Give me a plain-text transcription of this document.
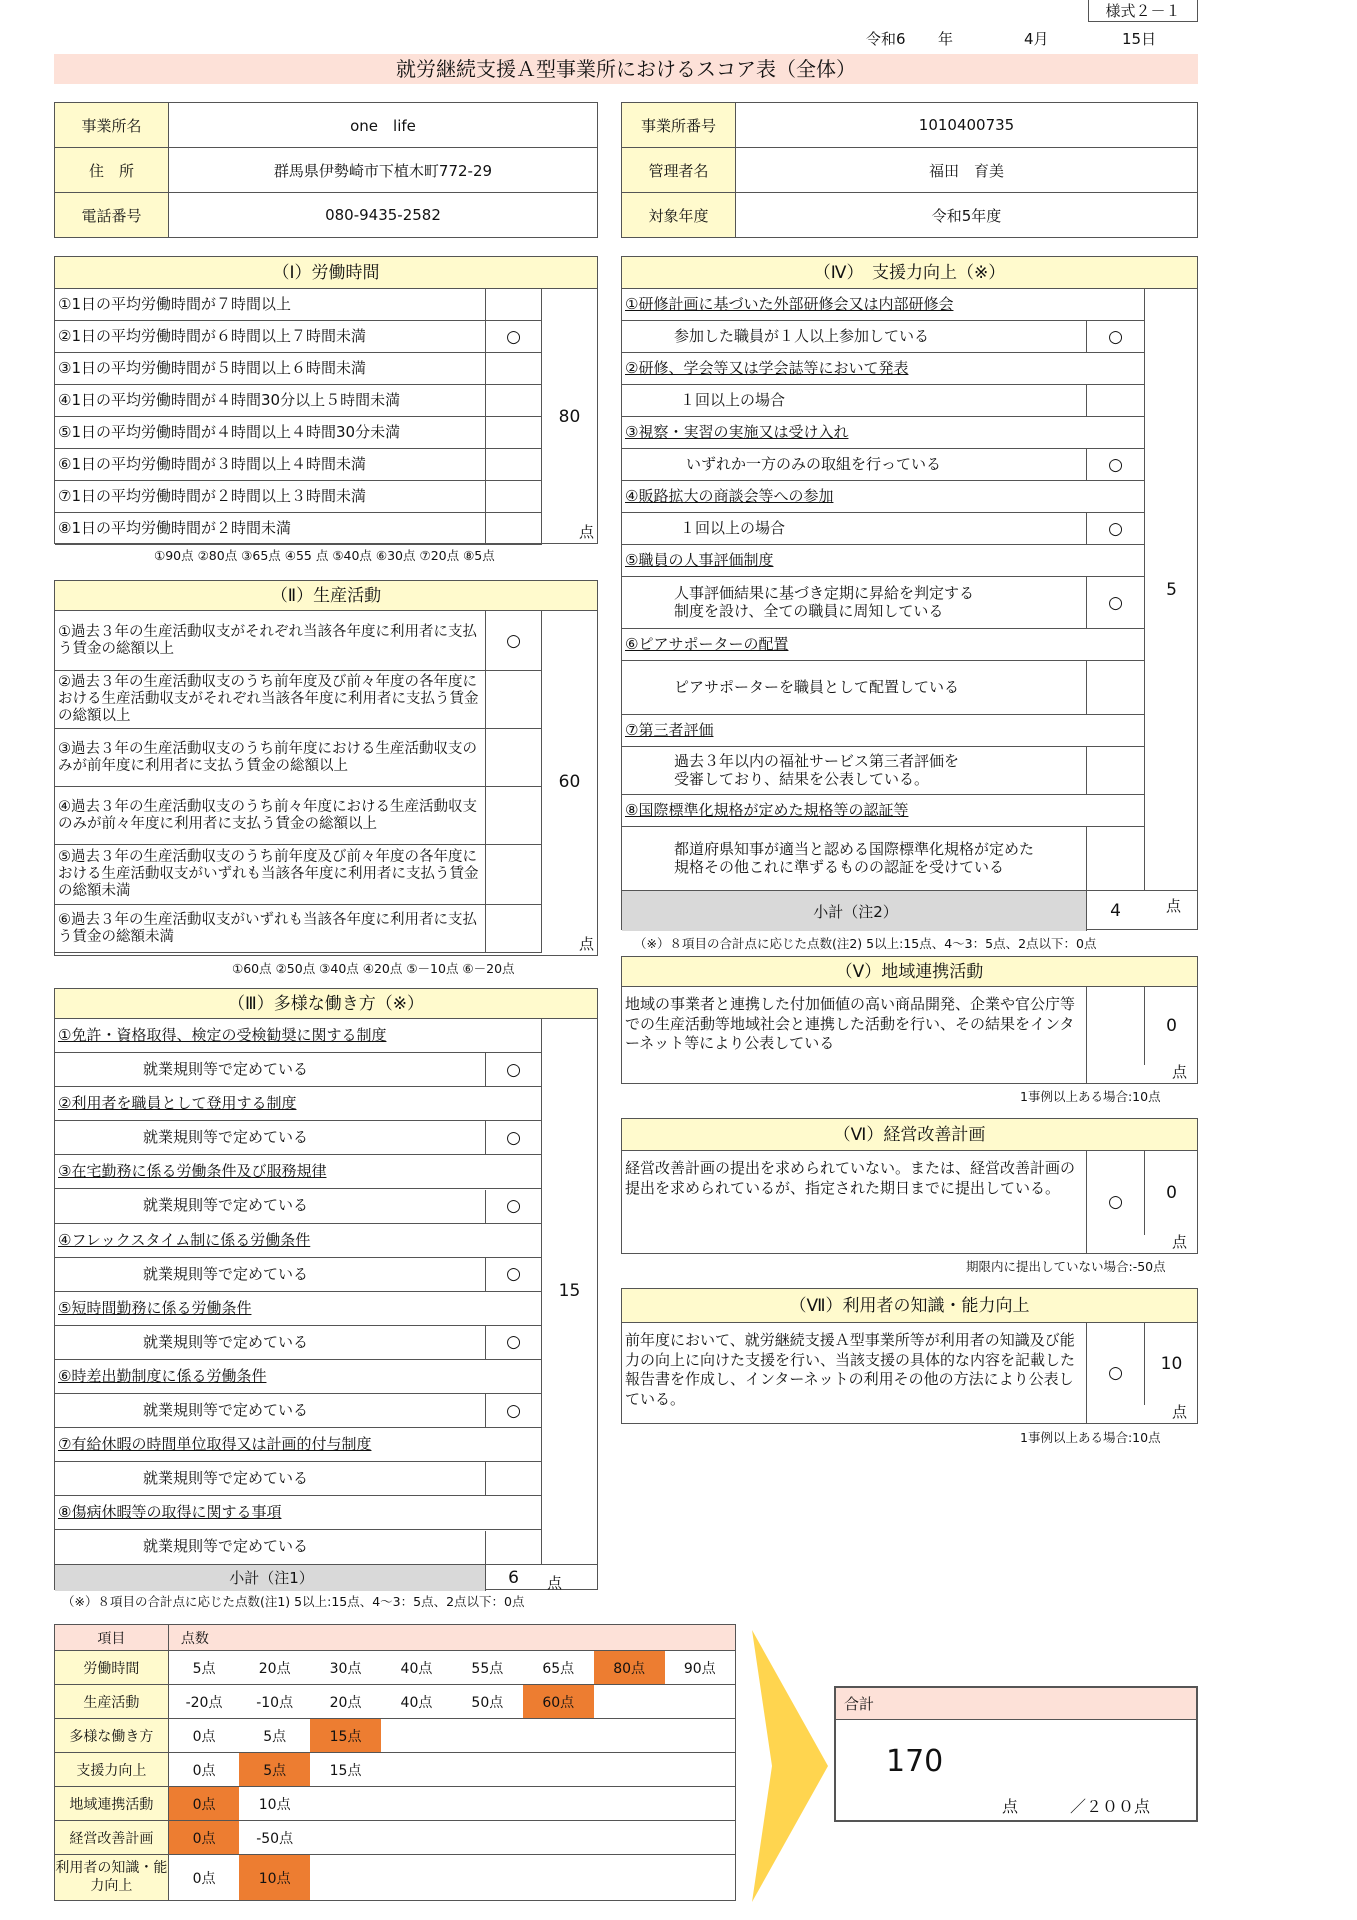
様式２－１
令和6 年	4月	15日
就労継続支援Ａ型事業所におけるスコア表（全体）
事業所名	one　life
住　所	群馬県伊勢崎市下植木町772-29
電話番号	080-9435-2582
事業所番号	1010400735
管理者名	福田　育美
対象年度	令和5年度
（Ⅰ）労働時間
①1日の平均労働時間が７時間以上
②1日の平均労働時間が６時間以上７時間未満	○
③1日の平均労働時間が５時間以上６時間未満
④1日の平均労働時間が４時間30分以上５時間未満
⑤1日の平均労働時間が４時間以上４時間30分未満
⑥1日の平均労働時間が３時間以上４時間未満
⑦1日の平均労働時間が２時間以上３時間未満
⑧1日の平均労働時間が２時間未満
80
点
①90点 ②80点 ③65点 ④55 点 ⑤40点 ⑥30点 ⑦20点 ⑧5点
（Ⅱ）生産活動
①過去３年の生産活動収支がそれぞれ当該各年度に利用者に支払う賃金の総額以上	○
②過去３年の生産活動収支のうち前年度及び前々年度の各年度における生産活動収支がそれぞれ当該各年度に利用者に支払う賃金の総額以上
③過去３年の生産活動収支のうち前年度における生産活動収支のみが前年度に利用者に支払う賃金の総額以上
④過去３年の生産活動収支のうち前々年度における生産活動収支のみが前々年度に利用者に支払う賃金の総額以上
⑤過去３年の生産活動収支のうち前年度及び前々年度の各年度における生産活動収支がいずれも当該各年度に利用者に支払う賃金の総額未満
⑥過去３年の生産活動収支がいずれも当該各年度に利用者に支払う賃金の総額未満
60
点
①60点 ②50点 ③40点 ④20点 ⑤－10点 ⑥－20点
（Ⅲ）多様な働き方（※）
①免許・資格取得、検定の受検勧奨に関する制度
就業規則等で定めている	○
②利用者を職員として登用する制度
就業規則等で定めている	○
③在宅勤務に係る労働条件及び服務規律
就業規則等で定めている	○
④フレックスタイム制に係る労働条件
就業規則等で定めている	○
⑤短時間勤務に係る労働条件
就業規則等で定めている	○
⑥時差出勤制度に係る労働条件
就業規則等で定めている	○
⑦有給休暇の時間単位取得又は計画的付与制度
就業規則等で定めている
⑧傷病休暇等の取得に関する事項
就業規則等で定めている
15
小計（注1）	6	点
（※）８項目の合計点に応じた点数(注1) 5以上:15点、4～3：5点、2点以下：0点
（Ⅳ）　支援力向上（※）
①研修計画に基づいた外部研修会又は内部研修会
参加した職員が１人以上参加している	○
②研修、学会等又は学会誌等において発表
１回以上の場合
③視察・実習の実施又は受け入れ
いずれか一方のみの取組を行っている	○
④販路拡大の商談会等への参加
１回以上の場合	○
⑤職員の人事評価制度
人事評価結果に基づき定期に昇給を判定する
制度を設け、全ての職員に周知している	○
⑥ピアサポーターの配置
ピアサポーターを職員として配置している
⑦第三者評価
過去３年以内の福祉サービス第三者評価を
受審しており、結果を公表している。
⑧国際標準化規格が定めた規格等の認証等
都道府県知事が適当と認める国際標準化規格が定めた
規格その他これに準ずるものの認証を受けている
5
小計（注2）	4	点
（※）８項目の合計点に応じた点数(注2) 5以上:15点、4～3：5点、2点以下：0点
（Ⅴ）地域連携活動
地域の事業者と連携した付加価値の高い商品開発、企業や官公庁等での生産活動等地域社会と連携した活動を行い、その結果をインターネット等により公表している
0
点
1事例以上ある場合:10点
（Ⅵ）経営改善計画
経営改善計画の提出を求められていない。または、経営改善計画の提出を求められているが、指定された期日までに提出している。
○	0
点
期限内に提出していない場合:-50点
（Ⅶ）利用者の知識・能力向上
前年度において、就労継続支援Ａ型事業所等が利用者の知識及び能力の向上に向けた支援を行い、当該支援の具体的な内容を記載した報告書を作成し、インターネットの利用その他の方法により公表している。
○	10
点
1事例以上ある場合:10点
項目	点数							
労働時間	5点	20点	30点	40点	55点	65点	80点	90点
生産活動	-20点	-10点	20点	40点	50点	60点		
多様な働き方	0点	5点	15点					
支援力向上	0点	5点	15点					
地域連携活動	0点	10点						
経営改善計画	0点	-50点						
利用者の知識・能力向上	0点	10点						
合計
170
点	／２００点
